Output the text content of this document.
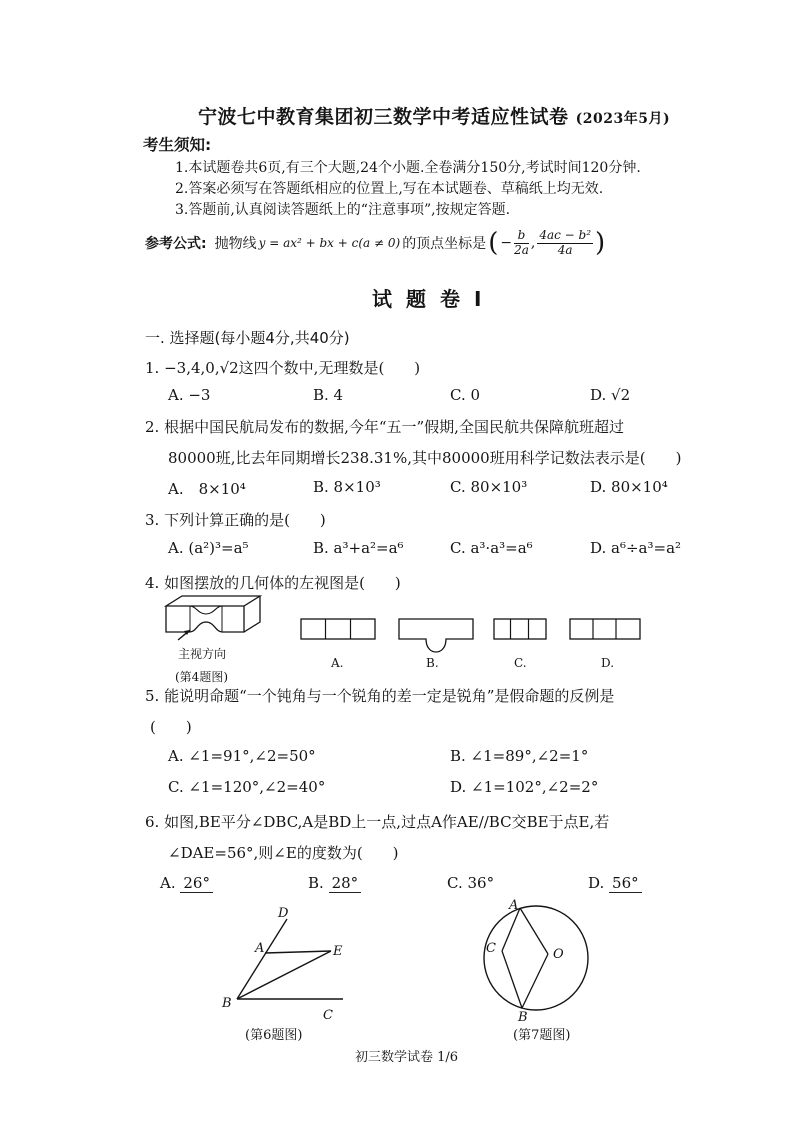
宁波七中教育集团初三数学中考适应性试卷 (2023年5月)
考生须知:
1.本试题卷共6页,有三个大题,24个小题.全卷满分150分,考试时间120分钟.
2.答案必须写在答题纸相应的位置上,写在本试题卷、草稿纸上均无效.
3.答题前,认真阅读答题纸上的“注意事项”,按规定答题.
参考公式: 抛物线 y = ax² + bx + c(a ≠ 0) 的顶点坐标是 ( − $\frac{b}{2a}$ , $\frac{\text{4ac − b²}}{4a}$ )
试题卷I
一. 选择题(每小题4分,共40分)
1. −3,4,0,√2这四个数中,无理数是(　　)
A. −3	B. 4	C. 0	D. √2
2. 根据中国民航局发布的数据,今年“五一”假期,全国民航共保障航班超过
80000班,比去年同期增长238.31%,其中80000班用科学记数法表示是(　　)
A.　8×10⁴	B. 8×10³	C. 80×10³	D. 80×10⁴
3. 下列计算正确的是(　　)
A. (a²)³=a⁵	B. a³+a²=a⁶	C. a³·a³=a⁶	D. a⁶÷a³=a²
4. 如图摆放的几何体的左视图是(　　)
主视方向
(第4题图)
A.	B.	C.	D.
5. 能说明命题“一个钝角与一个锐角的差一定是锐角”是假命题的反例是
(　　)
A. ∠1=91°,∠2=50°	B. ∠1=89°,∠2=1°
C. ∠1=120°,∠2=40°	D. ∠1=102°,∠2=2°
6. 如图,BE平分∠DBC,A是BD上一点,过点A作AE//BC交BE于点E,若
∠DAE=56°,则∠E的度数为(　　)
A. 26°	B. 28°	C. 36°	D. 56°
D
A	E
B
C
(第6题图)
A
C	O
B
(第7题图)
初三数学试卷 1/6
